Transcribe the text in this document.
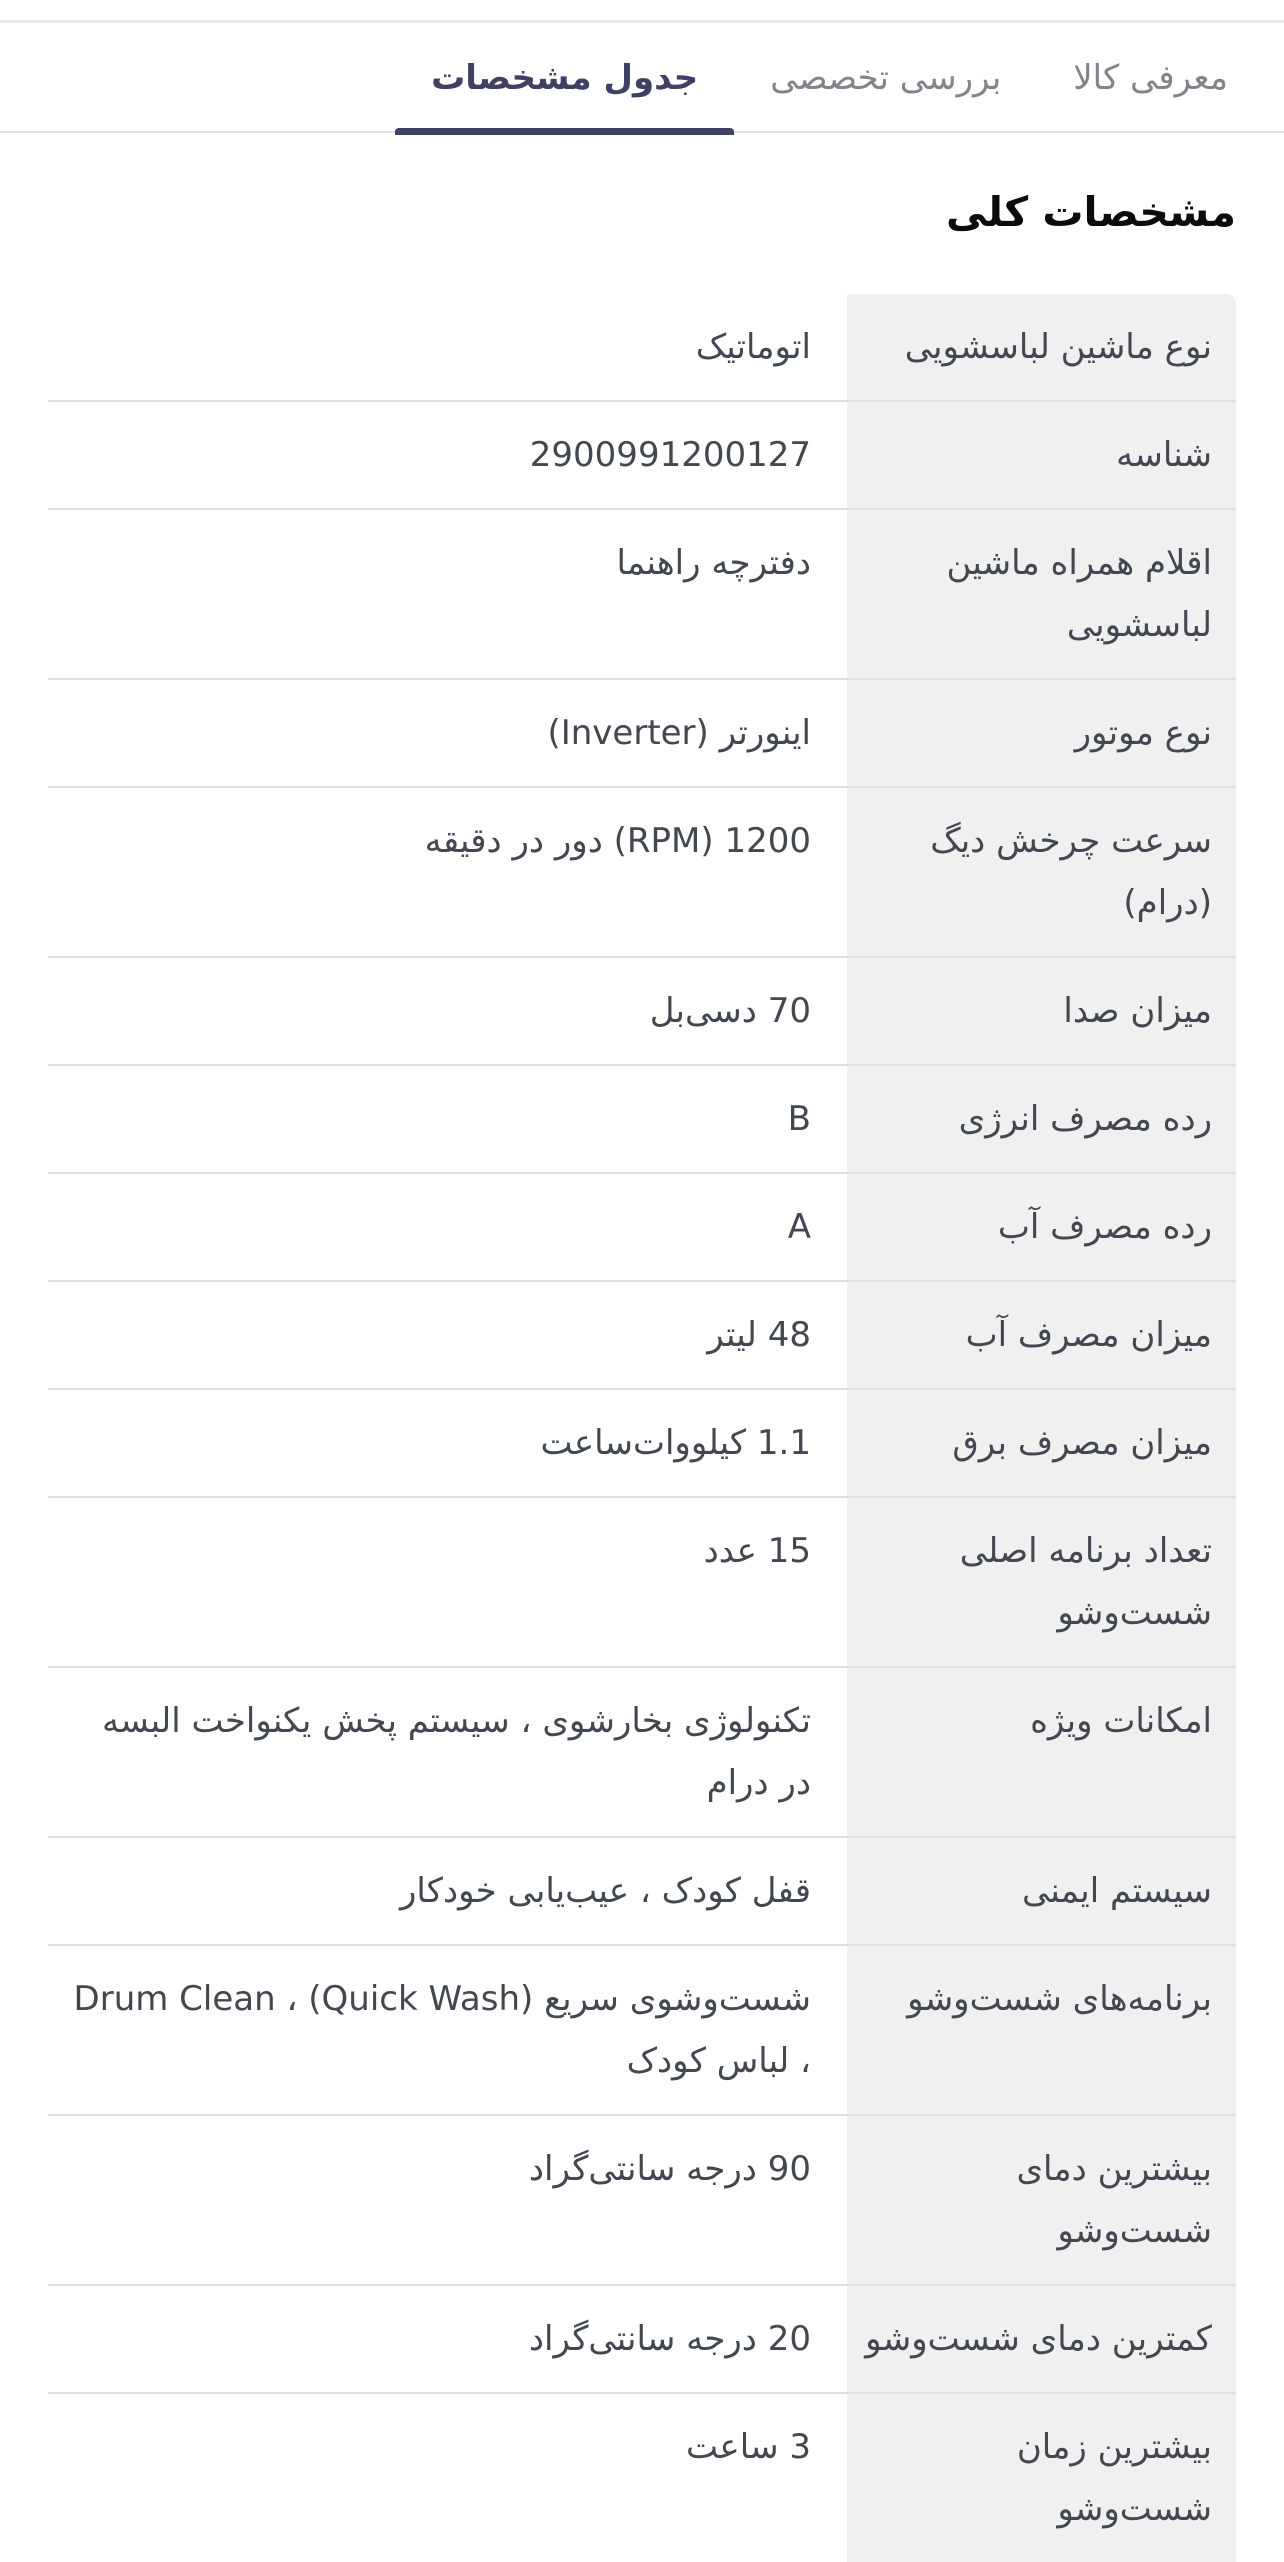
معرفی کالا
بررسی تخصصی
جدول مشخصات
مشخصات کلی
نوع ماشین لباسشویی
اتوماتیک
شناسه
2900991200127
اقلام همراه ماشین لباسشویی
دفترچه راهنما
نوع موتور
اینورتر (Inverter)
سرعت چرخش دیگ (درام)
1200 (RPM) دور در دقیقه
میزان صدا
70 دسی‌بل
رده مصرف انرژی
B
رده مصرف آب
A
میزان مصرف آب
48 لیتر
میزان مصرف برق
1.1 کیلووات‌ساعت
تعداد برنامه اصلی شست‌وشو
15 عدد
امکانات ویژه
تکنولوژی بخارشوی ، سیستم پخش یکنواخت البسه در درام
سیستم ایمنی
قفل کودک ، عیب‌یابی خودکار
برنامه‌های شست‌وشو
شست‌وشوی سریع (Quick Wash) ، Drum Clean ، لباس کودک
بیشترین دمای شست‌وشو
90 درجه سانتی‌گراد
کمترین دمای شست‌وشو
20 درجه سانتی‌گراد
بیشترین زمان شست‌وشو
3 ساعت
